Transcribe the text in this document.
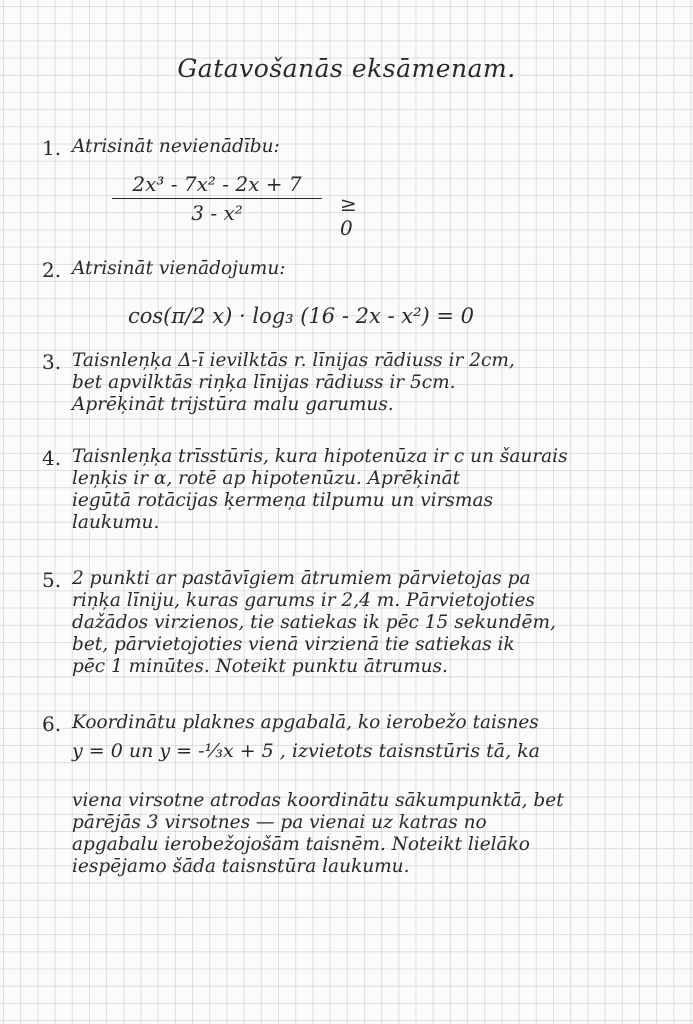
Gatavošanās eksāmenam.
1. Atrisināt nevienādību:
2x³ - 7x² - 2x + 7
3 - x²	≥ 0
2. Atrisināt vienādojumu:
cos(π/2 x) · log₃ (16 - 2x - x²) = 0
3. Taisnleņķa Δ-ī ievilktās r. līnijas rādiuss ir 2cm,
bet apvilktās riņķa līnijas rādiuss ir 5cm.
Aprēķināt trijstūra malu garumus.
4. Taisnleņķa trīsstūris, kura hipotenūza ir c un šaurais
leņķis ir α, rotē ap hipotenūzu. Aprēķināt
iegūtā rotācijas ķermeņa tilpumu un virsmas
laukumu.
5. 2 punkti ar pastāvīgiem ātrumiem pārvietojas pa
riņķa līniju, kuras garums ir 2,4 m. Pārvietojoties
dažādos virzienos, tie satiekas ik pēc 15 sekundēm,
bet, pārvietojoties vienā virzienā tie satiekas ik
pēc 1 minūtes. Noteikt punktu ātrumus.
6. Koordinātu plaknes apgabalā, ko ierobežo taisnes
y = 0 un y = -⅓x + 5 , izvietots taisnstūris tā, ka
viena virsotne atrodas koordinātu sākumpunktā, bet
pārējās 3 virsotnes — pa vienai uz katras no
apgabalu ierobežojošām taisnēm. Noteikt lielāko
iespējamo šāda taisnstūra laukumu.
